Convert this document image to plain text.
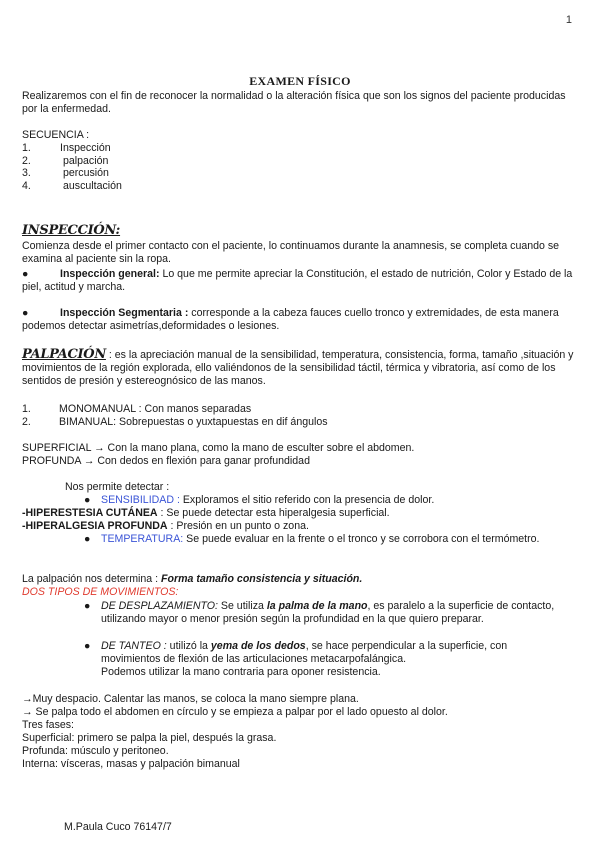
1
EXAMEN FÍSICO
Realizaremos con el fin de reconocer la normalidad o la alteración física que son los signos del paciente producidas por la enfermedad.
SECUENCIA :
1.	Inspección
2.	palpación
3.	percusión
4.	auscultación
INSPECCIÓN:
Comienza desde el primer contacto con el paciente, lo continuamos durante la anamnesis, se completa cuando se examina al paciente sin la ropa.
●	Inspección general: Lo que me permite apreciar la Constitución, el estado de nutrición, Color y Estado de la piel, actitud y marcha.
●	Inspección Segmentaria : corresponde a la cabeza fauces cuello tronco y extremidades, de esta manera podemos detectar asimetrías,deformidades o lesiones.
PALPACIÓN : es la apreciación manual de la sensibilidad, temperatura, consistencia, forma, tamaño ,situación y movimientos de la región explorada, ello valiéndonos de la sensibilidad táctil, térmica y vibratoria, así como de los sentidos de presión y estereognósico de las manos.
1.	MONOMANUAL : Con manos separadas
2.	BIMANUAL: Sobrepuestas o yuxtapuestas en dif ángulos
SUPERFICIAL → Con la mano plana, como la mano de esculter sobre el abdomen.
PROFUNDA → Con dedos en flexión para ganar profundidad
Nos permite detectar :
● SENSIBILIDAD : Exploramos el sitio referido con la presencia de dolor.
-HIPERESTESIA CUTÁNEA : Se puede detectar esta hiperalgesia superficial.
-HIPERALGESIA PROFUNDA : Presión en un punto o zona.
● TEMPERATURA: Se puede evaluar en la frente o el tronco y se corrobora con el termómetro.
La palpación nos determina : Forma tamaño consistencia y situación.
DOS TIPOS DE MOVIMIENTOS:
● DE DESPLAZAMIENTO: Se utiliza la palma de la mano, es paralelo a la superficie de contacto, utilizando mayor o menor presión según la profundidad en la que quiero preparar.
● DE TANTEO : utilizó la yema de los dedos, se hace perpendicular a la superficie, con movimientos de flexión de las articulaciones metacarpofalángica.
Podemos utilizar la mano contraria para oponer resistencia.
→Muy despacio. Calentar las manos, se coloca la mano siempre plana.
→ Se palpa todo el abdomen en círculo y se empieza a palpar por el lado opuesto al dolor.
Tres fases:
Superficial: primero se palpa la piel, después la grasa.
Profunda: músculo y peritoneo.
Interna: vísceras, masas y palpación bimanual
M.Paula Cuco 76147/7
